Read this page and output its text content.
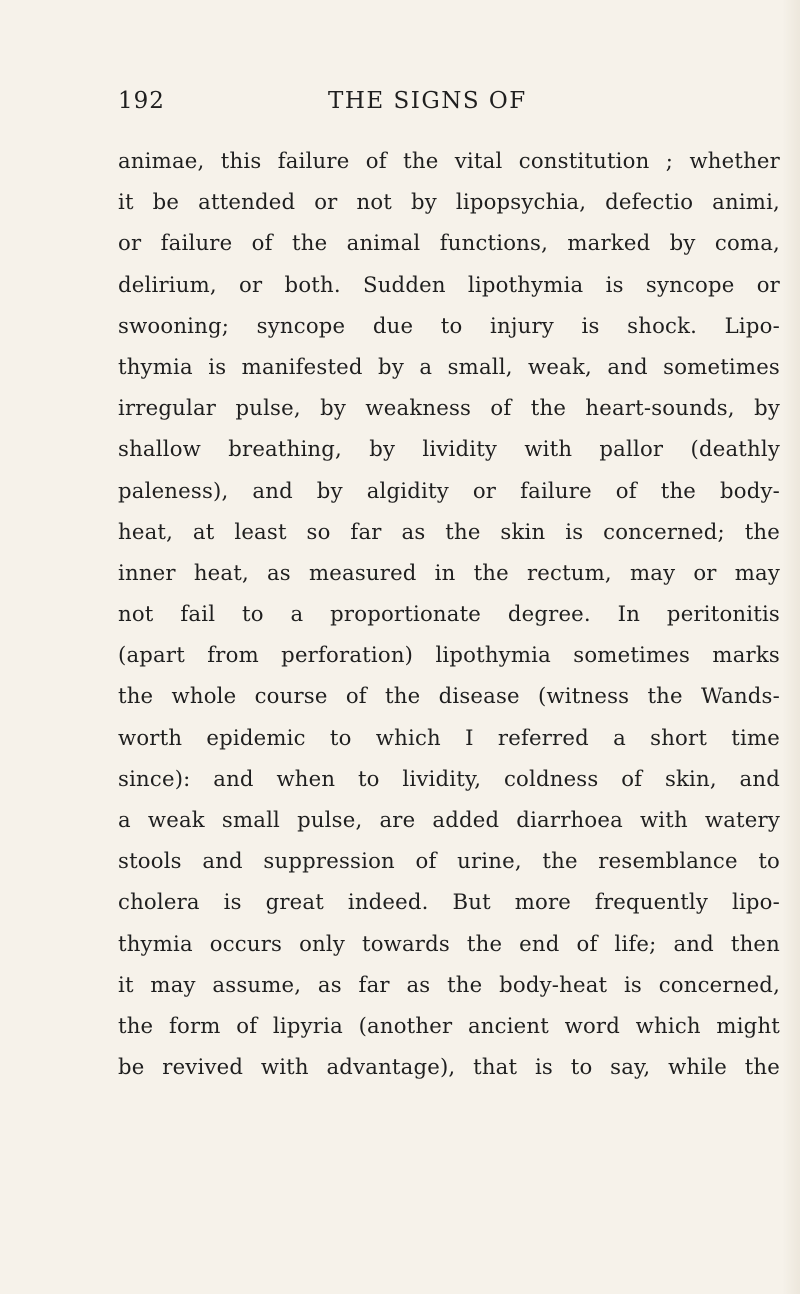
192	THE SIGNS OF
animae, this failure of the vital constitution ; whether
it be attended or not by lipopsychia, defectio animi,
or failure of the animal functions, marked by coma,
delirium, or both. Sudden lipothymia is syncope or
swooning; syncope due to injury is shock. Lipo-
thymia is manifested by a small, weak, and sometimes
irregular pulse, by weakness of the heart-sounds, by
shallow breathing, by lividity with pallor (deathly
paleness), and by algidity or failure of the body-
heat, at least so far as the skin is concerned; the
inner heat, as measured in the rectum, may or may
not fail to a proportionate degree. In peritonitis
(apart from perforation) lipothymia sometimes marks
the whole course of the disease (witness the Wands-
worth epidemic to which I referred a short time
since): and when to lividity, coldness of skin, and
a weak small pulse, are added diarrhoea with watery
stools and suppression of urine, the resemblance to
cholera is great indeed. But more frequently lipo-
thymia occurs only towards the end of life; and then
it may assume, as far as the body-heat is concerned,
the form of lipyria (another ancient word which might
be revived with advantage), that is to say, while the
